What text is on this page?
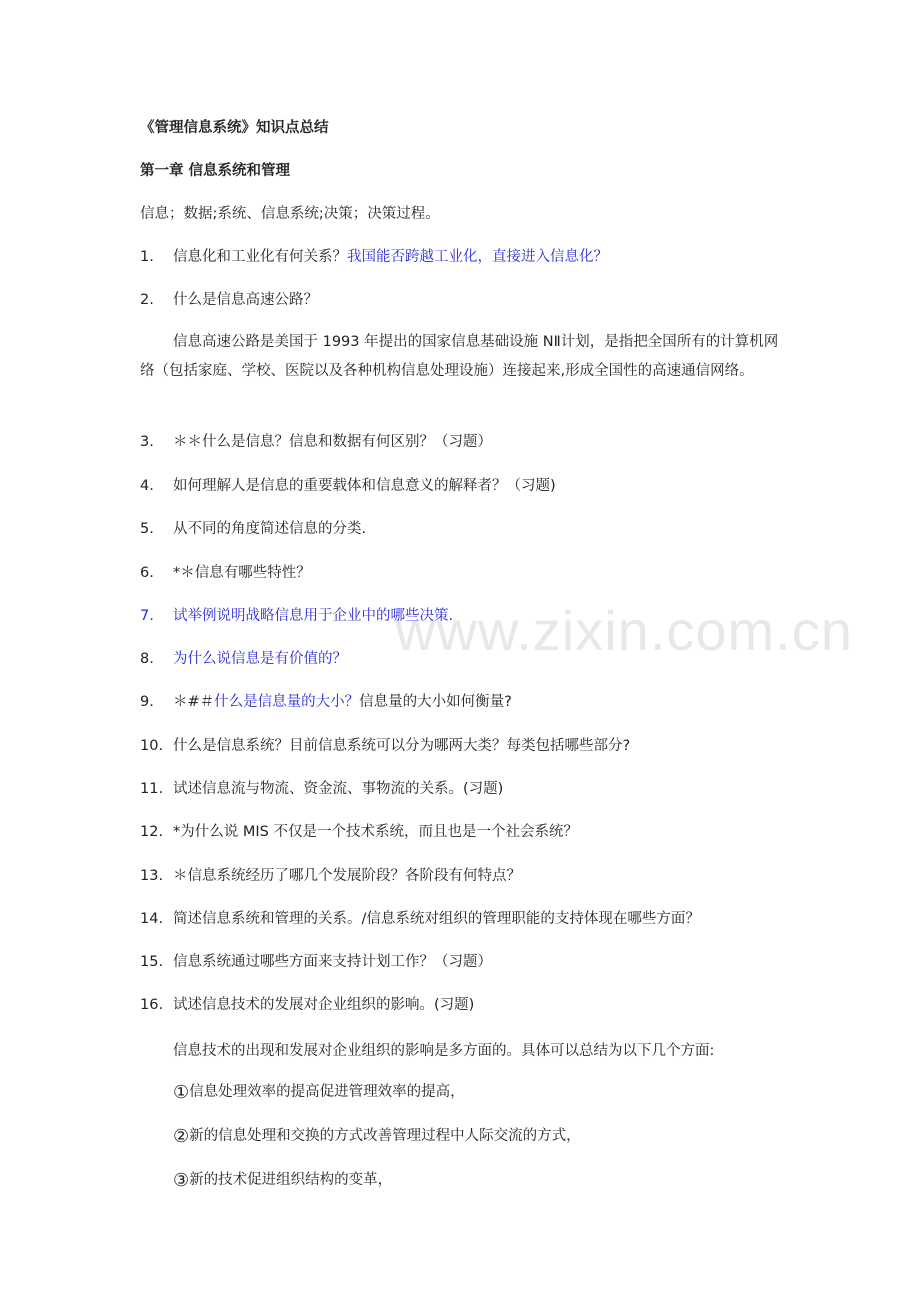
www.zixin.com.cn
《管理信息系统》知识点总结
第一章 信息系统和管理
信息；数据;系统、信息系统;决策；决策过程。
1.	信息化和工业化有何关系？我国能否跨越工业化，直接进入信息化？
2.	什么是信息高速公路？
信息高速公路是美国于 1993 年提出的国家信息基础设施 NⅡ计划，是指把全国所有的计算机网络（包括家庭、学校、医院以及各种机构信息处理设施）连接起来,形成全国性的高速通信网络。
3.	＊＊什么是信息？信息和数据有何区别？（习题）
4.	如何理解人是信息的重要载体和信息意义的解释者？（习题)
5.	从不同的角度简述信息的分类.
6.	*＊信息有哪些特性？
7.	试举例说明战略信息用于企业中的哪些决策.
8.	为什么说信息是有价值的？
9.	＊#＃什么是信息量的大小？信息量的大小如何衡量?
10. 什么是信息系统？目前信息系统可以分为哪两大类？每类包括哪些部分?
11. 试述信息流与物流、资金流、事物流的关系。(习题)
12. *为什么说 MIS 不仅是一个技术系统，而且也是一个社会系统？
13. ＊信息系统经历了哪几个发展阶段？各阶段有何特点？
14. 简述信息系统和管理的关系。/信息系统对组织的管理职能的支持体现在哪些方面？
15. 信息系统通过哪些方面来支持计划工作？（习题）
16. 试述信息技术的发展对企业组织的影响。(习题)
信息技术的出现和发展对企业组织的影响是多方面的。具体可以总结为以下几个方面:
①信息处理效率的提高促进管理效率的提高，
②新的信息处理和交换的方式改善管理过程中人际交流的方式，
③新的技术促进组织结构的变革，
